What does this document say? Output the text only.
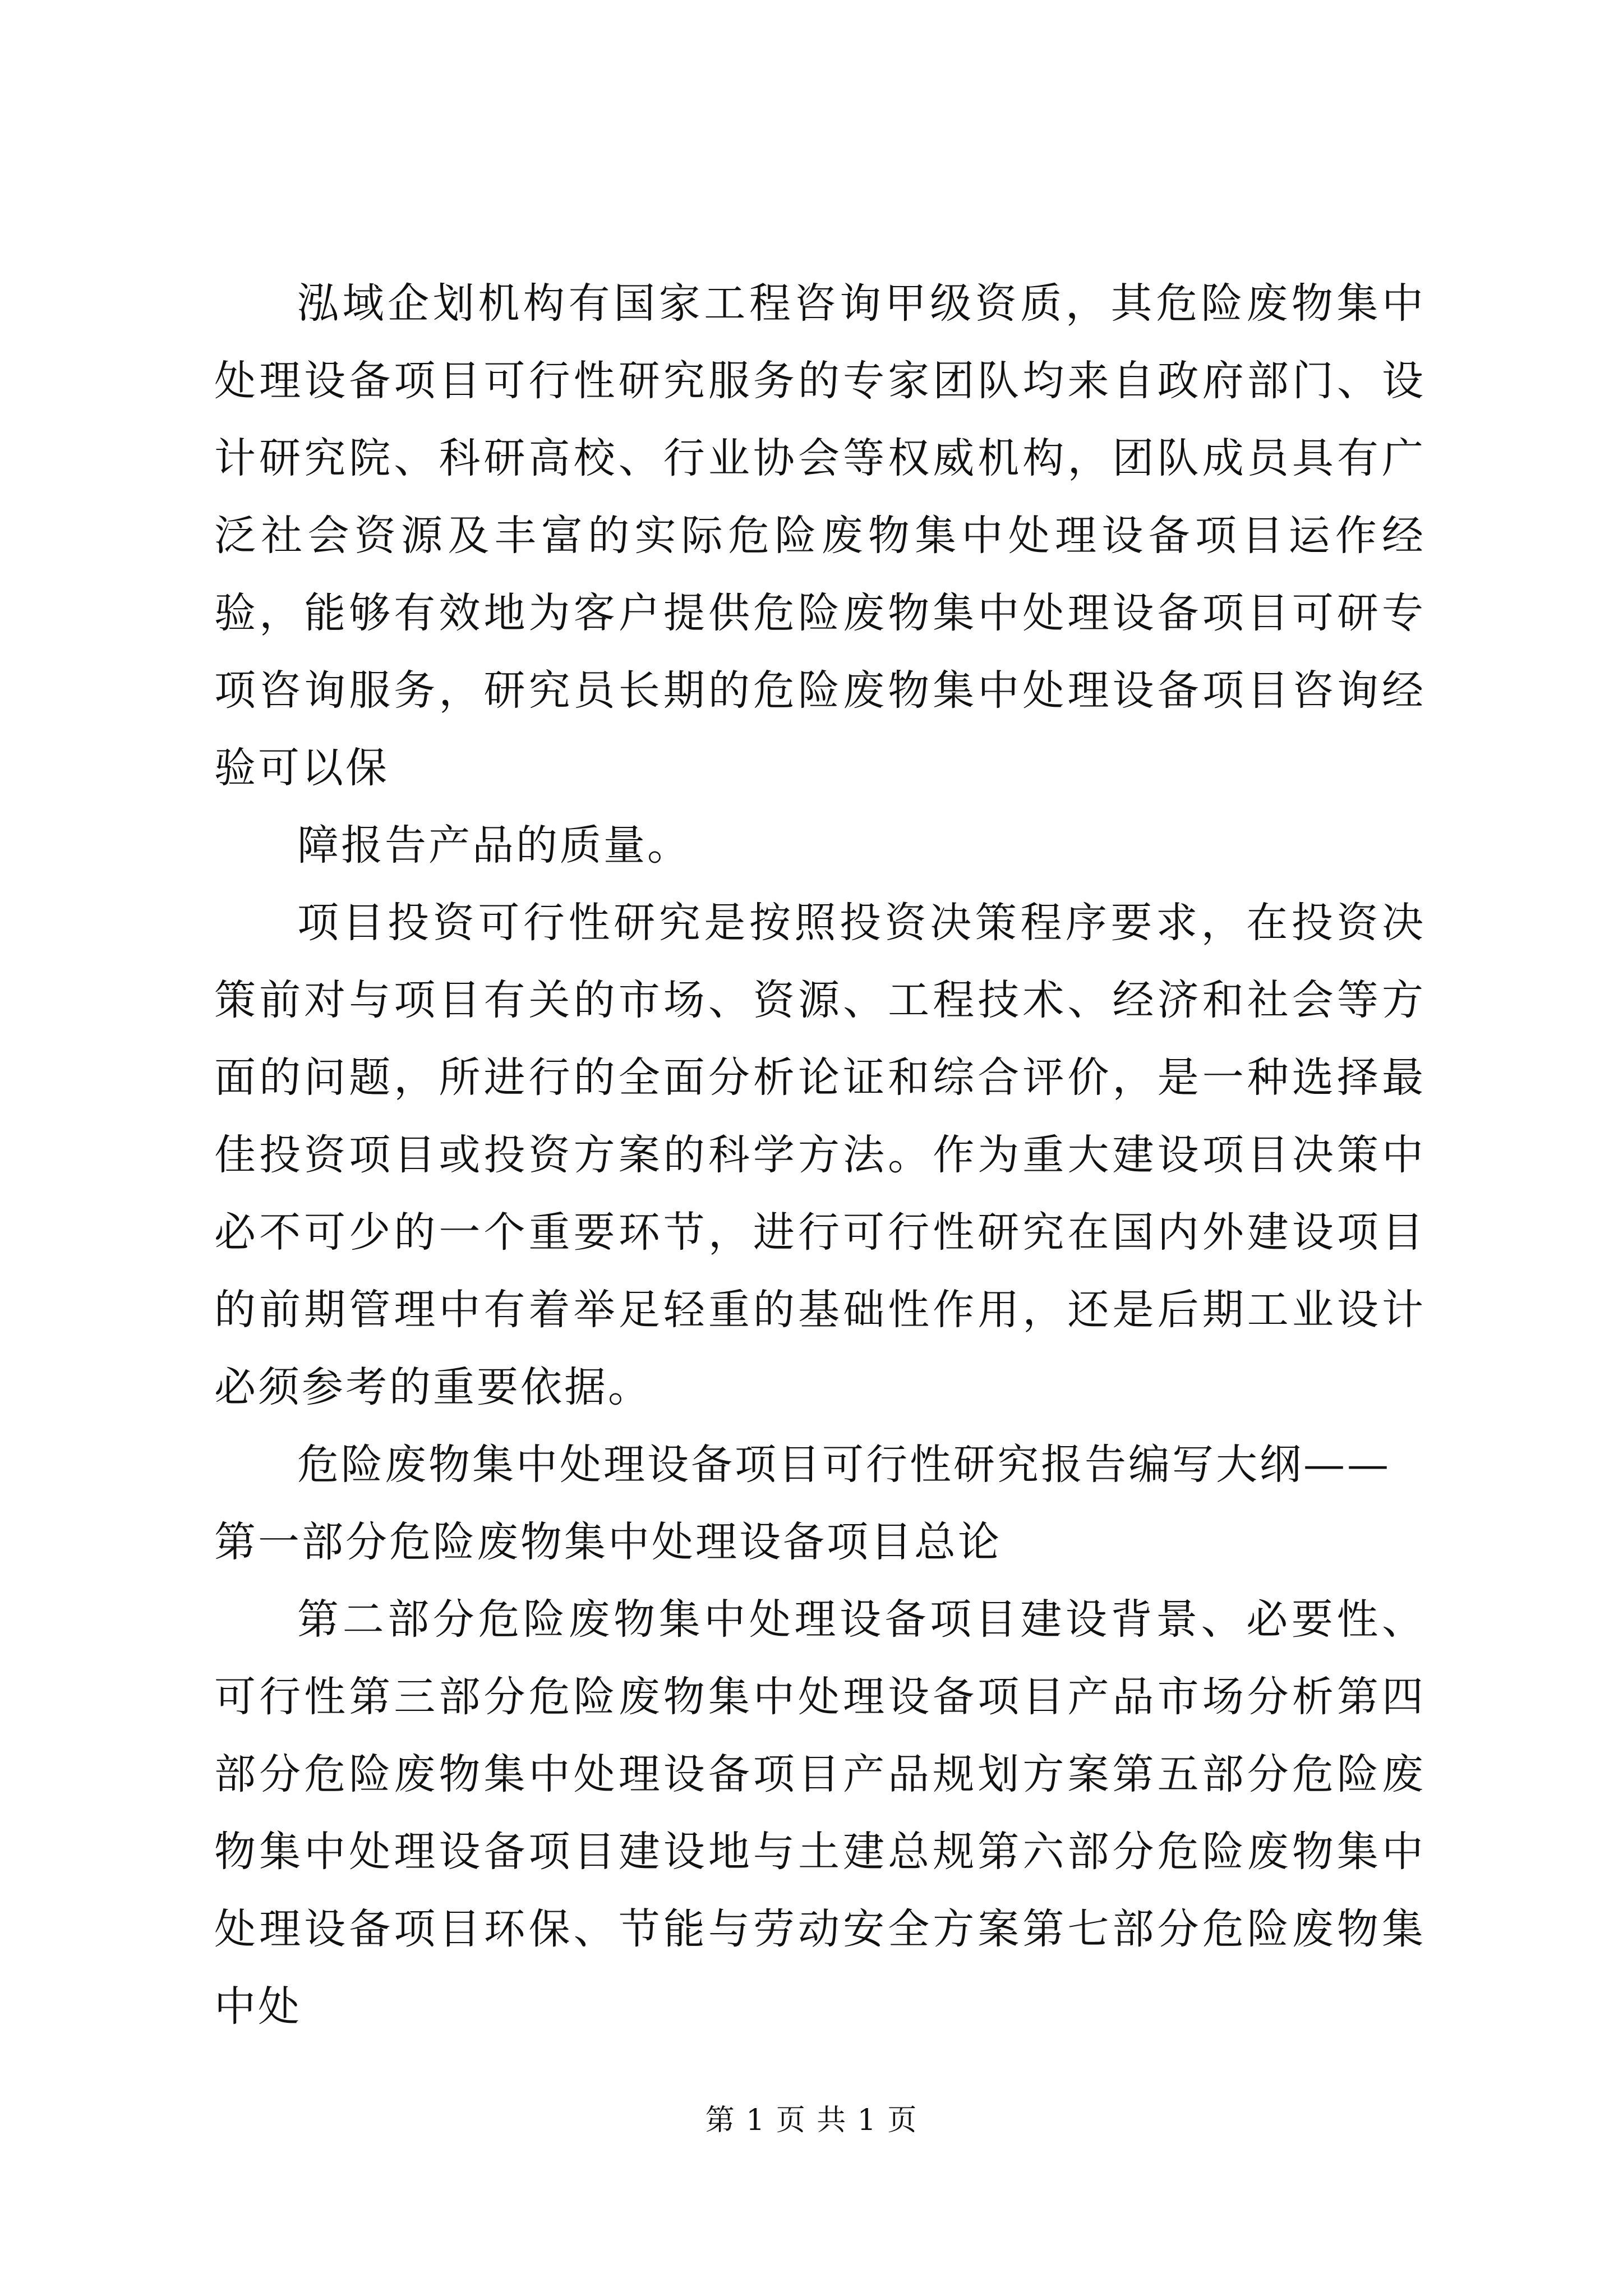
泓域企划机构有国家工程咨询甲级资质，其危险废物集中处理设备项目可行性研究服务的专家团队均来自政府部门、设计研究院、科研高校、行业协会等权威机构，团队成员具有广泛社会资源及丰富的实际危险废物集中处理设备项目运作经验，能够有效地为客户提供危险废物集中处理设备项目可研专项咨询服务，研究员长期的危险废物集中处理设备项目咨询经验可以保

障报告产品的质量。

项目投资可行性研究是按照投资决策程序要求，在投资决策前对与项目有关的市场、资源、工程技术、经济和社会等方面的问题，所进行的全面分析论证和综合评价，是一种选择最佳投资项目或投资方案的科学方法。作为重大建设项目决策中必不可少的一个重要环节，进行可行性研究在国内外建设项目的前期管理中有着举足轻重的基础性作用，还是后期工业设计必须参考的重要依据。

危险废物集中处理设备项目可行性研究报告编写大纲——

第一部分危险废物集中处理设备项目总论

第二部分危险废物集中处理设备项目建设背景、必要性、可行性第三部分危险废物集中处理设备项目产品市场分析第四部分危险废物集中处理设备项目产品规划方案第五部分危险废物集中处理设备项目建设地与土建总规第六部分危险废物集中处理设备项目环保、节能与劳动安全方案第七部分危险废物集中处

第 1 页 共 1 页
